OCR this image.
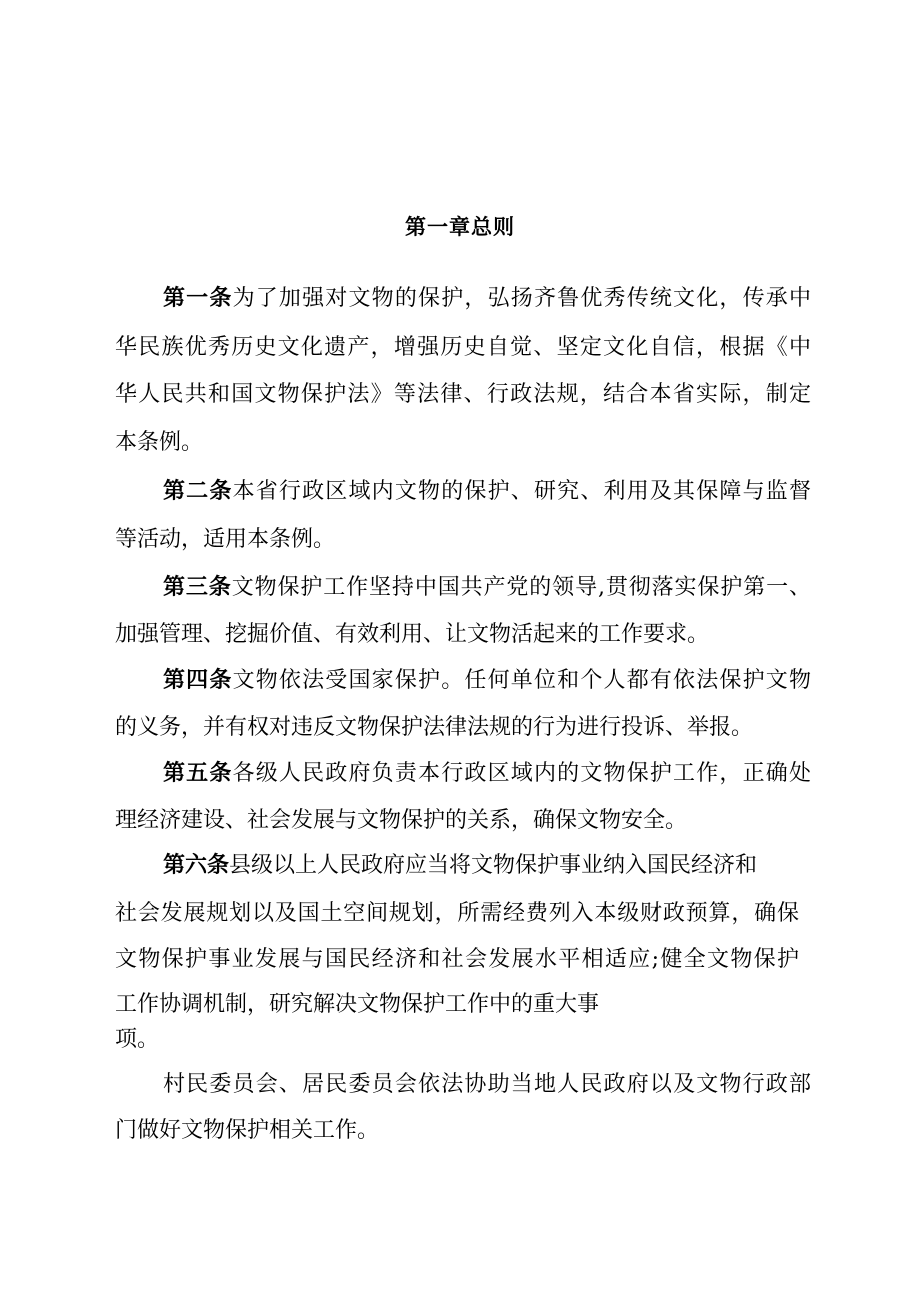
第一章总则
第一条为了加强对文物的保护，弘扬齐鲁优秀传统文化，传承中
华民族优秀历史文化遗产，增强历史自觉、坚定文化自信，根据《中
华人民共和国文物保护法》等法律、行政法规，结合本省实际，制定
本条例。
第二条本省行政区域内文物的保护、研究、利用及其保障与监督
等活动，适用本条例。
第三条文物保护工作坚持中国共产党的领导,贯彻落实保护第一、
加强管理、挖掘价值、有效利用、让文物活起来的工作要求。
第四条文物依法受国家保护。任何单位和个人都有依法保护文物
的义务，并有权对违反文物保护法律法规的行为进行投诉、举报。
第五条各级人民政府负责本行政区域内的文物保护工作，正确处
理经济建设、社会发展与文物保护的关系，确保文物安全。
第六条县级以上人民政府应当将文物保护事业纳入国民经济和
社会发展规划以及国土空间规划，所需经费列入本级财政预算，确保
文物保护事业发展与国民经济和社会发展水平相适应;健全文物保护
工作协调机制，研究解决文物保护工作中的重大事
项。
村民委员会、居民委员会依法协助当地人民政府以及文物行政部
门做好文物保护相关工作。
